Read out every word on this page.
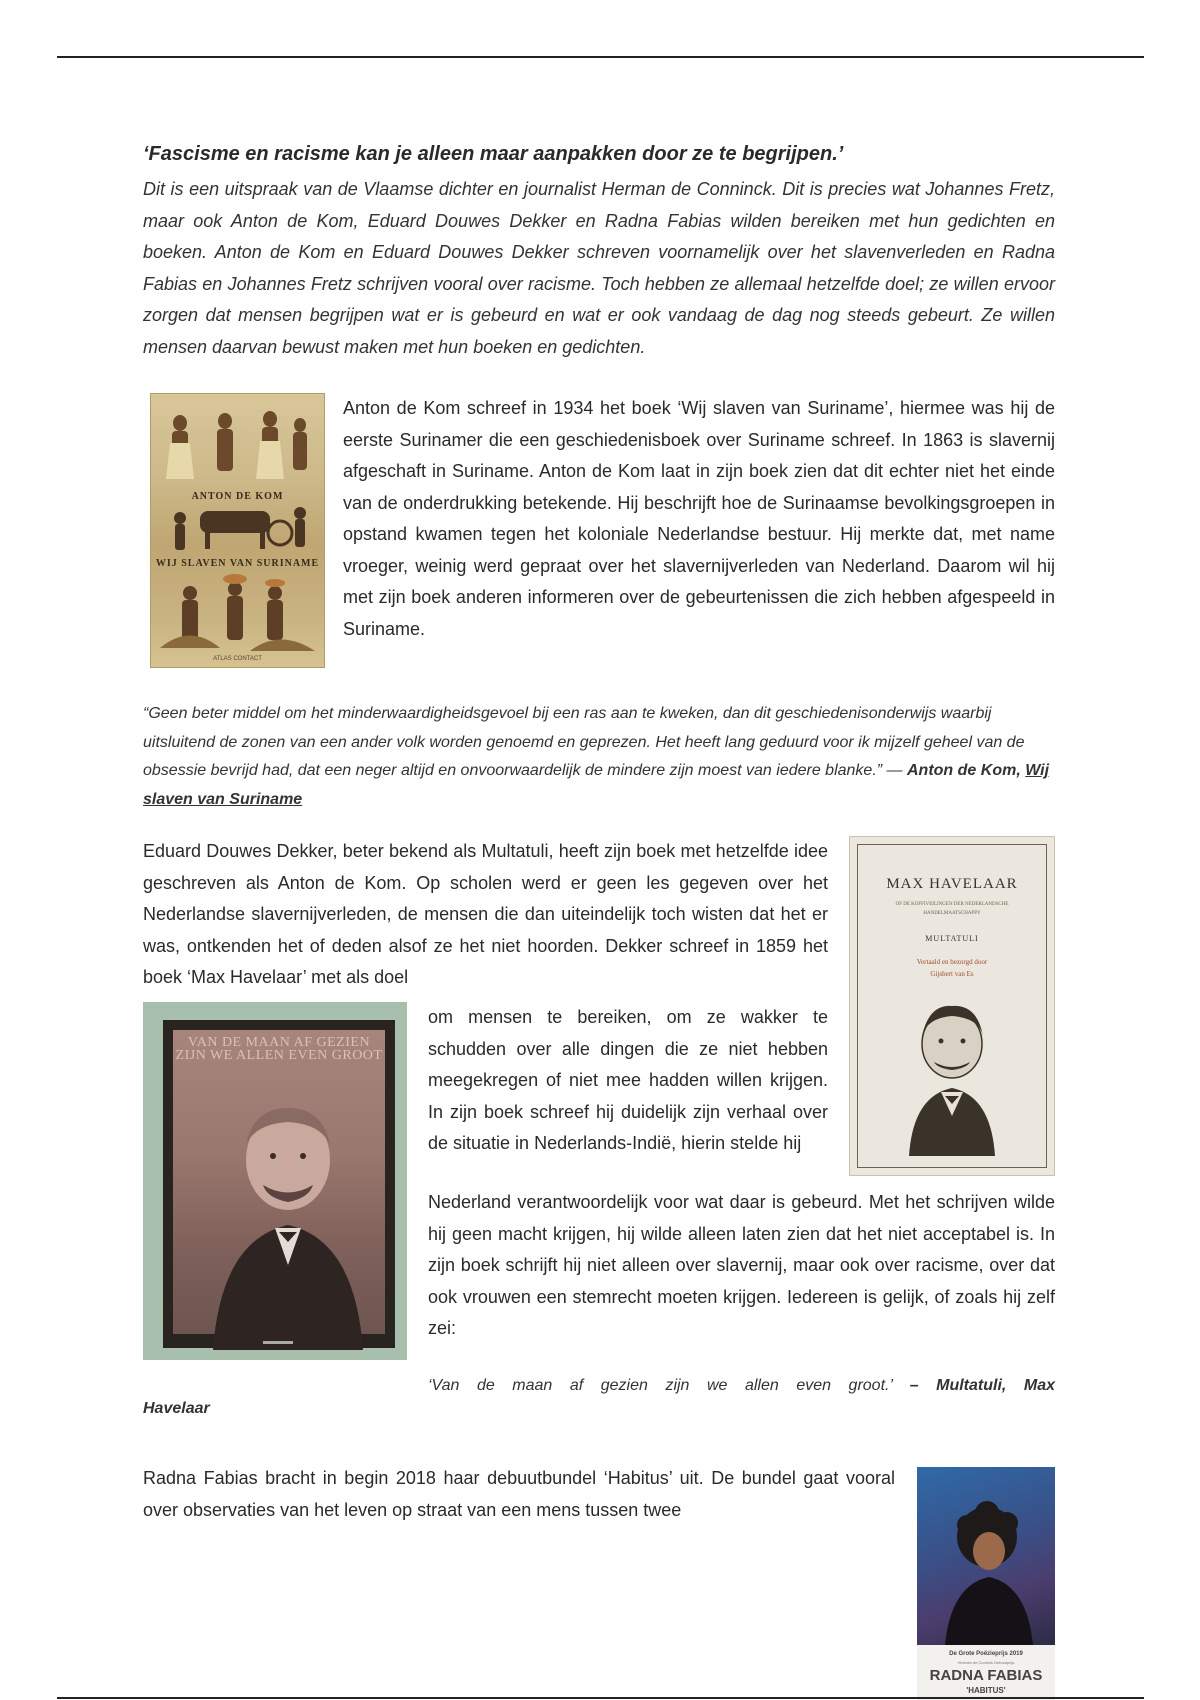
‘Fascisme en racisme kan je alleen maar aanpakken door ze te begrijpen.’

Dit is een uitspraak van de Vlaamse dichter en journalist Herman de Conninck. Dit is precies wat Johannes Fretz, maar ook Anton de Kom, Eduard Douwes Dekker en Radna Fabias wilden bereiken met hun gedichten en boeken. Anton de Kom en Eduard Douwes Dekker schreven voornamelijk over het slavenverleden en Radna Fabias en Johannes Fretz schrijven vooral over racisme. Toch hebben ze allemaal hetzelfde doel; ze willen ervoor zorgen dat mensen begrijpen wat er is gebeurd en wat er ook vandaag de dag nog steeds gebeurt. Ze willen mensen daarvan bewust maken met hun boeken en gedichten.

ANTON DE KOM
WIJ SLAVEN VAN SURINAME
ATLAS CONTACT

Anton de Kom schreef in 1934 het boek ‘Wij slaven van Suriname’, hiermee was hij de eerste Surinamer die een geschiedenisboek over Suriname schreef. In 1863 is slavernij afgeschaft in Suriname. Anton de Kom laat in zijn boek zien dat dit echter niet het einde van de onderdrukking betekende. Hij beschrijft hoe de Surinaamse bevolkingsgroepen in opstand kwamen tegen het koloniale Nederlandse bestuur. Hij merkte dat, met name vroeger, weinig werd gepraat over het slavernijverleden van Nederland. Daarom wil hij met zijn boek anderen informeren over de gebeurtenissen die zich hebben afgespeeld in Suriname.

“Geen beter middel om het minderwaardigheidsgevoel bij een ras aan te kweken, dan dit geschiedenisonderwijs waarbij uitsluitend de zonen van een ander volk worden genoemd en geprezen. Het heeft lang geduurd voor ik mijzelf geheel van de obsessie bevrijd had, dat een neger altijd en onvoorwaardelijk de mindere zijn moest van iedere blanke.” — Anton de Kom, Wij slaven van Suriname

Eduard Douwes Dekker, beter bekend als Multatuli, heeft zijn boek met hetzelfde idee geschreven als Anton de Kom. Op scholen werd er geen les gegeven over het Nederlandse slavernijverleden, de mensen die dan uiteindelijk toch wisten dat het er was, ontkenden het of deden alsof ze het niet hoorden. Dekker schreef in 1859 het boek ‘Max Havelaar’ met als doel

MAX HAVELAAR
OF DE KOFFIVEILINGEN DER NEDERLANDSCHE HANDELMAATSCHAPPY
MULTATULI
Vertaald en bezorgd door
Gijsbert van Es
VAN DE MAAN AF GEZIEN ZIJN WE ALLEN EVEN GROOT

om mensen te bereiken, om ze wakker te schudden over alle dingen die ze niet hebben meegekregen of niet mee hadden willen krijgen. In zijn boek schreef hij duidelijk zijn verhaal over de situatie in Nederlands-Indië, hierin stelde hij

Nederland verantwoordelijk voor wat daar is gebeurd. Met het schrijven wilde hij geen macht krijgen, hij wilde alleen laten zien dat het niet acceptabel is. In zijn boek schrijft hij niet alleen over slavernij, maar ook over racisme, over dat ook vrouwen een stemrecht moeten krijgen. Iedereen is gelijk, of zoals hij zelf zei:

‘Van de maan af gezien zijn we allen even groot.’ – Multatuli, Max
Havelaar

Radna Fabias bracht in begin 2018 haar debuutbundel ‘Habitus’ uit. De bundel gaat vooral over observaties van het leven op straat van een mens tussen twee

De Grote Poëzieprijs 2019
Herman de Coninck Debuutprijs
RADNA FABIAS
'HABITUS'
